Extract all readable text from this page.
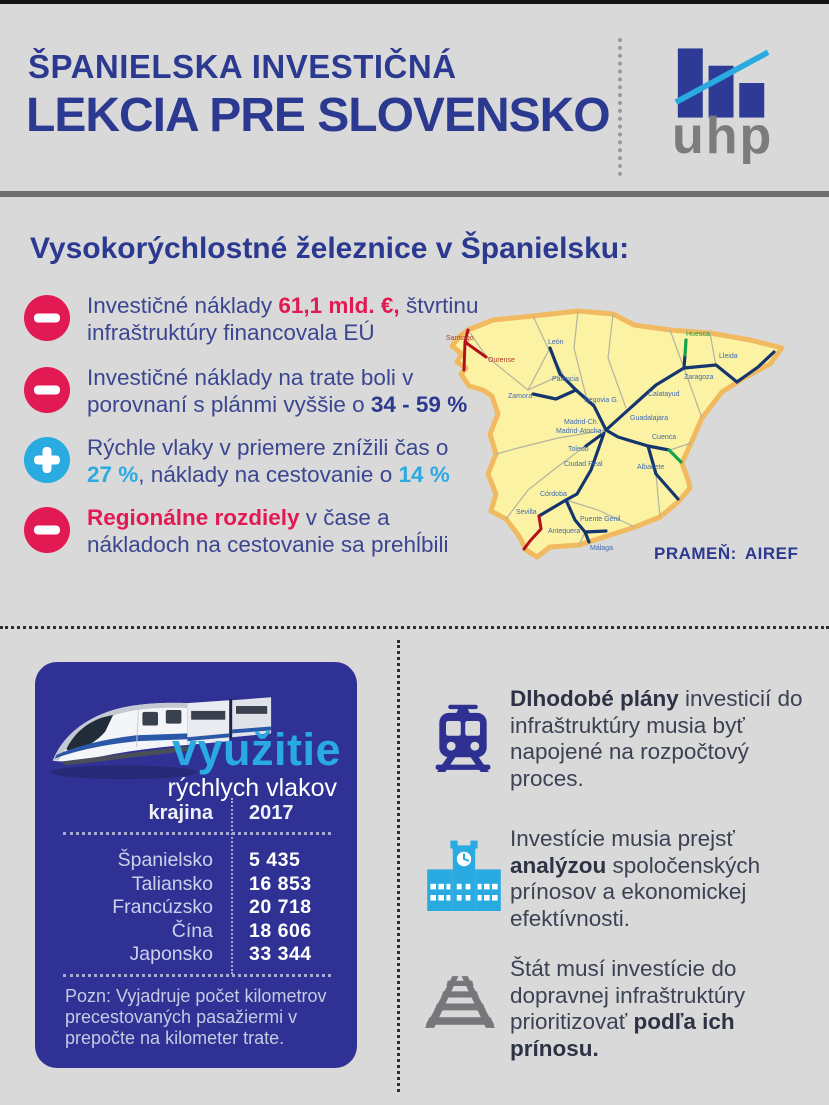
ŠPANIELSKA INVESTIČNÁ
LEKCIA PRE SLOVENSKO uhp
Vysokorýchlostné železnice v Španielsku:

Investičné náklady 61,1 mld. €, štvrtinu infraštruktúry financovala EÚ

Investičné náklady na trate boli v porovnaní s plánmi vyššie o 34 - 59 %

Rýchle vlaky v priemere znížili čas o 27 %, náklady na cestovanie o 14 %

Regionálne rozdiely v čase a nákladoch na cestovanie sa prehĺbili

León
Palencia
Zamora
Segovia G.
Madrid-Ch.
Madrid-Atocha
Toledo
Guadalajara
Calatayud
Zaragoza
Huesca
Lleida
Cuenca
Albacete
Ciudad Real
Córdoba
Sevilla
Puente Genil
Antequera
Málaga
Ourense
Santiago
PRAMEŇ: AIREF
využitie
rýchlych vlakov
krajina 2017
Španielsko 5 435
Taliansko 16 853
Francúzsko 20 718
Čína 18 606
Japonsko 33 344

Pozn: Vyjadruje počet kilometrov precestovaných pasažiermi v prepočte na kilometer trate.

Dlhodobé plány investicií do infraštruktúry musia byť napojené na rozpočtový proces.

Investície musia prejsť analýzou spoločenských prínosov a ekonomickej efektívnosti.

Štát musí investície do dopravnej infraštruktúry prioritizovať podľa ich prínosu.
